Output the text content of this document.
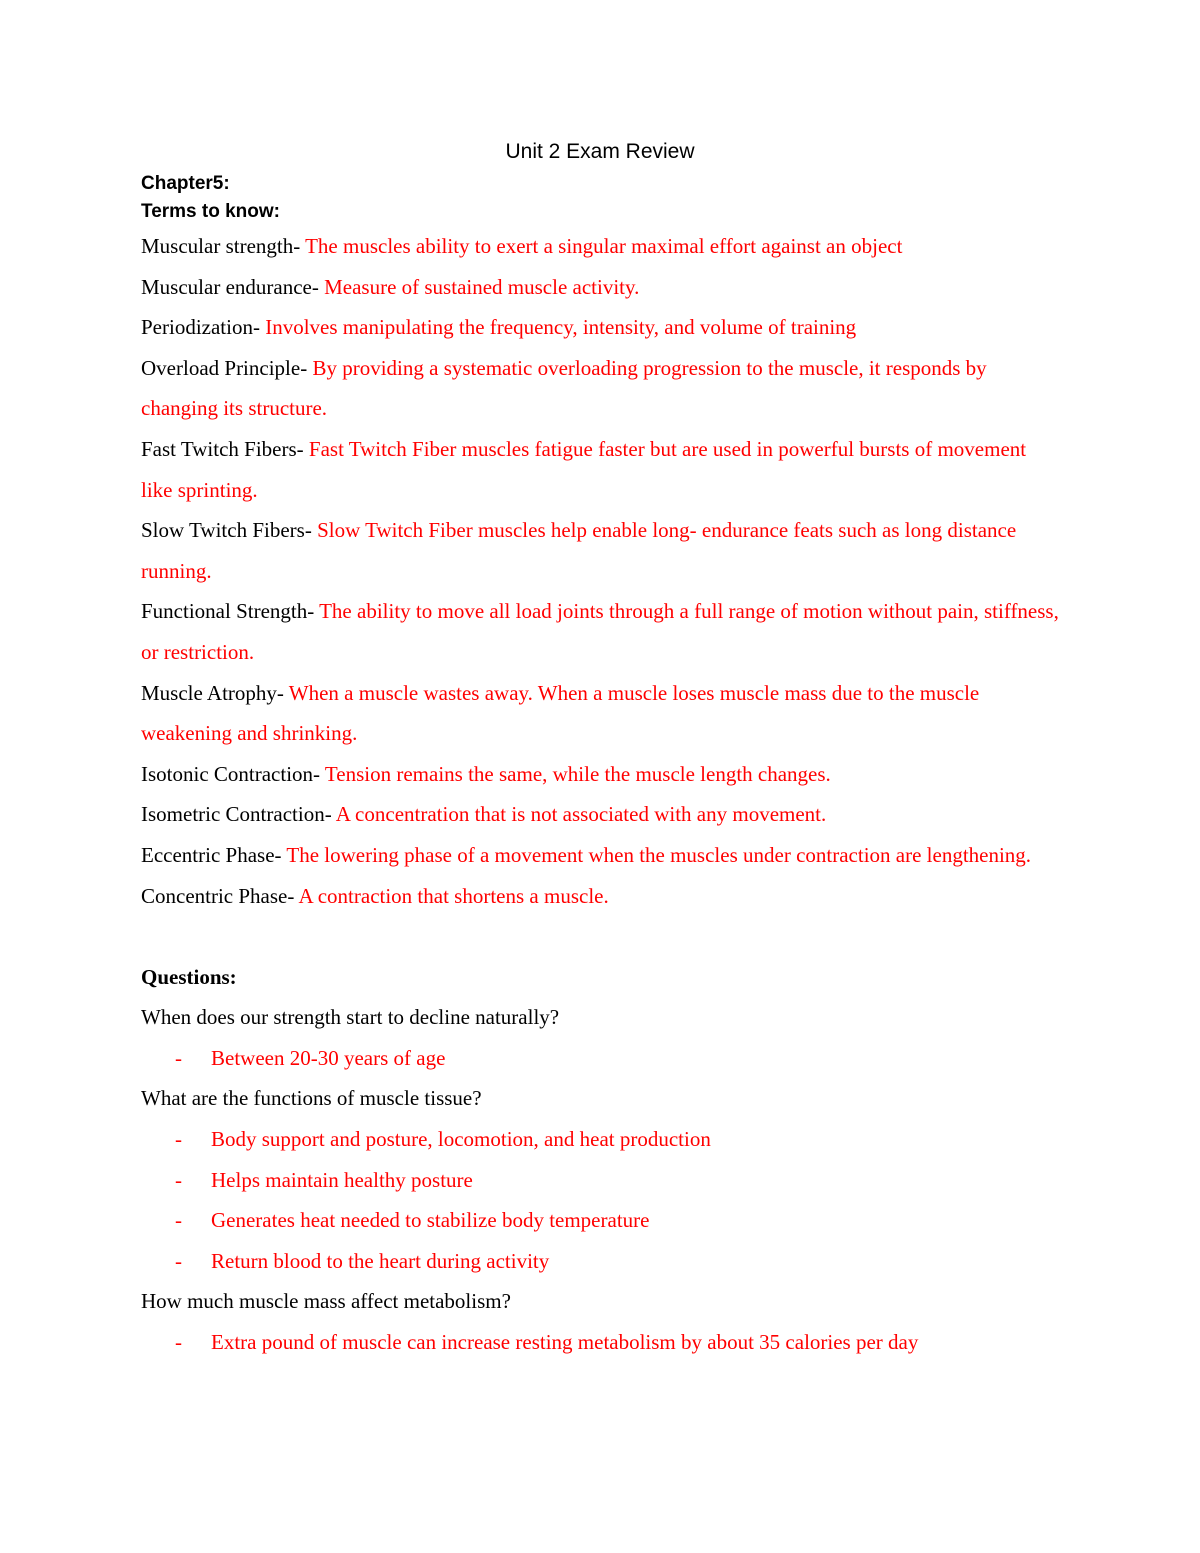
Unit 2 Exam Review
Chapter5:
Terms to know:
Muscular strength- The muscles ability to exert a singular maximal effort against an object
Muscular endurance- Measure of sustained muscle activity.
Periodization- Involves manipulating the frequency, intensity, and volume of training
Overload Principle- By providing a systematic overloading progression to the muscle, it responds by changing its structure.
Fast Twitch Fibers- Fast Twitch Fiber muscles fatigue faster but are used in powerful bursts of movement like sprinting.
Slow Twitch Fibers- Slow Twitch Fiber muscles help enable long- endurance feats such as long distance running.
Functional Strength- The ability to move all load joints through a full range of motion without pain, stiffness, or restriction.
Muscle Atrophy- When a muscle wastes away. When a muscle loses muscle mass due to the muscle weakening and shrinking.
Isotonic Contraction- Tension remains the same, while the muscle length changes.
Isometric Contraction- A concentration that is not associated with any movement.
Eccentric Phase- The lowering phase of a movement when the muscles under contraction are lengthening.
Concentric Phase- A contraction that shortens a muscle.
Questions:
When does our strength start to decline naturally?
- Between 20-30 years of age
What are the functions of muscle tissue?
- Body support and posture, locomotion, and heat production
- Helps maintain healthy posture
- Generates heat needed to stabilize body temperature
- Return blood to the heart during activity
How much muscle mass affect metabolism?
- Extra pound of muscle can increase resting metabolism by about 35 calories per day
